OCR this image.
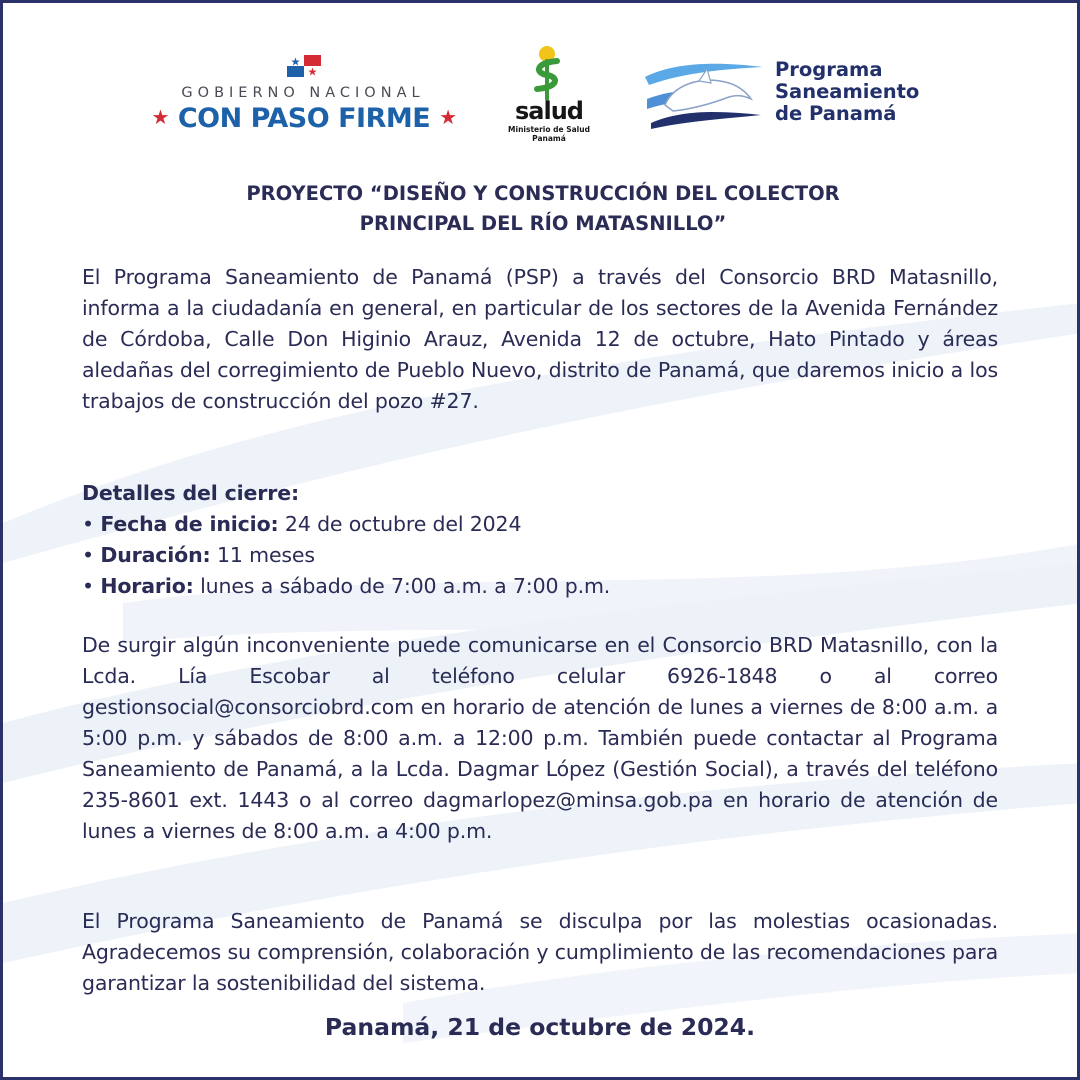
GOBIERNO NACIONAL
★ CON PASO FIRME ★	salud
Ministerio de Salud
Panamá
Programa
Saneamiento
de Panamá
PROYECTO “DISEÑO Y CONSTRUCCIÓN DEL COLECTOR
PRINCIPAL DEL RÍO MATASNILLO”

El Programa Saneamiento de Panamá (PSP) a través del Consorcio BRD Matasnillo, informa a la ciudadanía en general, en particular de los sectores de la Avenida Fernández de Córdoba, Calle Don Higinio Arauz, Avenida 12 de octubre, Hato Pintado y áreas aledañas del corregimiento de Pueblo Nuevo, distrito de Panamá, que daremos inicio a los trabajos de construcción del pozo #27.

Detalles del cierre:
• Fecha de inicio: 24 de octubre del 2024
• Duración: 11 meses
• Horario: lunes a sábado de 7:00 a.m. a 7:00 p.m.

De surgir algún inconveniente puede comunicarse en el Consorcio BRD Matasnillo, con la Lcda. Lía Escobar al teléfono celular 6926-1848 o al correo gestionsocial@consorciobrd.com en horario de atención de lunes a viernes de 8:00 a.m. a 5:00 p.m. y sábados de 8:00 a.m. a 12:00 p.m. También puede contactar al Programa Saneamiento de Panamá, a la Lcda. Dagmar López (Gestión Social), a través del teléfono 235-8601 ext. 1443 o al correo dagmarlopez@minsa.gob.pa en horario de atención de lunes a viernes de 8:00 a.m. a 4:00 p.m.

El Programa Saneamiento de Panamá se disculpa por las molestias ocasionadas. Agradecemos su comprensión, colaboración y cumplimiento de las recomendaciones para garantizar la sostenibilidad del sistema.

Panamá, 21 de octubre de 2024.
